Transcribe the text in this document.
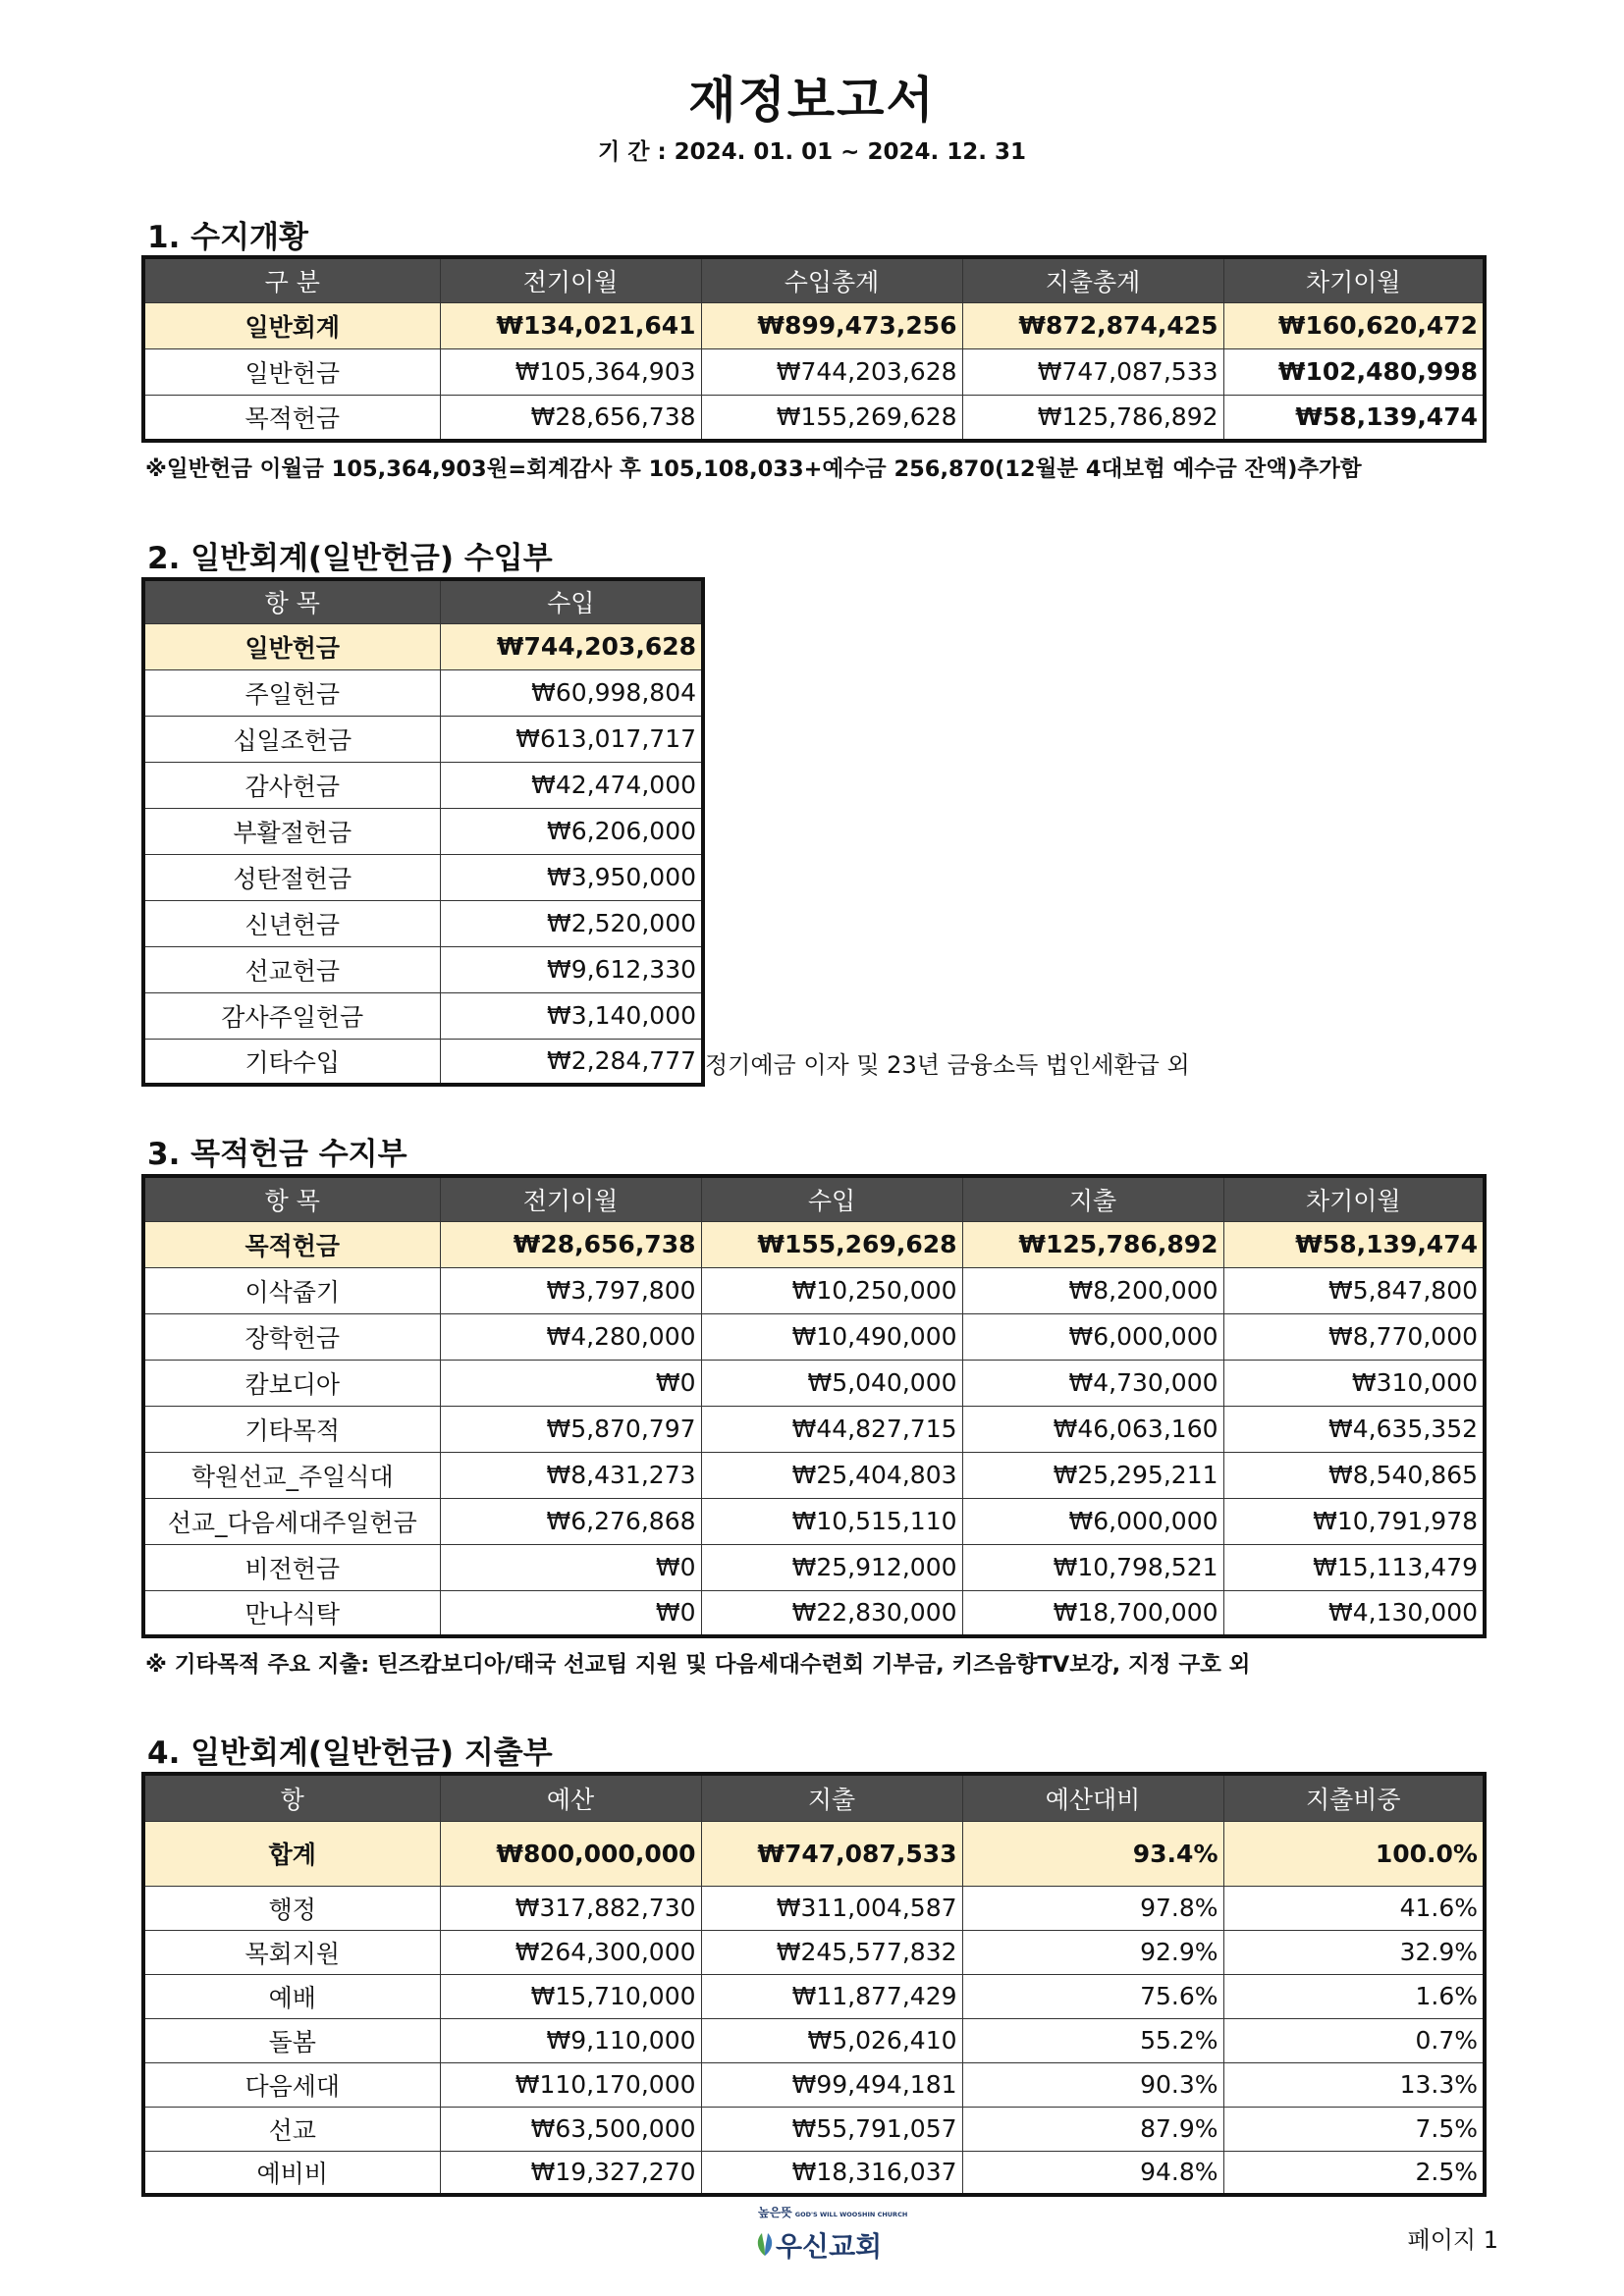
재정보고서
기 간 : 2024. 01. 01 ~ 2024. 12. 31
1. 수지개황
구 분	전기이월	수입총계	지출총계	차기이월
일반회계	₩134,021,641	₩899,473,256	₩872,874,425	₩160,620,472
일반헌금	₩105,364,903	₩744,203,628	₩747,087,533	₩102,480,998
목적헌금	₩28,656,738	₩155,269,628	₩125,786,892	₩58,139,474
※일반헌금 이월금 105,364,903원=회계감사 후 105,108,033+예수금 256,870(12월분 4대보험 예수금 잔액)추가함
2. 일반회계(일반헌금) 수입부
항 목	수입
일반헌금	₩744,203,628
주일헌금	₩60,998,804
십일조헌금	₩613,017,717
감사헌금	₩42,474,000
부활절헌금	₩6,206,000
성탄절헌금	₩3,950,000
신년헌금	₩2,520,000
선교헌금	₩9,612,330
감사주일헌금	₩3,140,000
기타수입	₩2,284,777 정기예금 이자 및 23년 금융소득 법인세환급 외
3. 목적헌금 수지부
항 목	전기이월	수입	지출	차기이월
목적헌금	₩28,656,738	₩155,269,628	₩125,786,892	₩58,139,474
이삭줍기	₩3,797,800	₩10,250,000	₩8,200,000	₩5,847,800
장학헌금	₩4,280,000	₩10,490,000	₩6,000,000	₩8,770,000
캄보디아	₩0	₩5,040,000	₩4,730,000	₩310,000
기타목적	₩5,870,797	₩44,827,715	₩46,063,160	₩4,635,352
학원선교_주일식대	₩8,431,273	₩25,404,803	₩25,295,211	₩8,540,865
선교_다음세대주일헌금	₩6,276,868	₩10,515,110	₩6,000,000	₩10,791,978
비전헌금	₩0	₩25,912,000	₩10,798,521	₩15,113,479
만나식탁	₩0	₩22,830,000	₩18,700,000	₩4,130,000
※ 기타목적 주요 지출: 틴즈캄보디아/태국 선교팀 지원 및 다음세대수련회 기부금, 키즈음향TV보강, 지정 구호 외
4. 일반회계(일반헌금) 지출부
항	예산	지출	예산대비	지출비중
합계	₩800,000,000	₩747,087,533	93.4%	100.0%
행정	₩317,882,730	₩311,004,587	97.8%	41.6%
목회지원	₩264,300,000	₩245,577,832	92.9%	32.9%
예배	₩15,710,000	₩11,877,429	75.6%	1.6%
돌봄	₩9,110,000	₩5,026,410	55.2%	0.7%
다음세대	₩110,170,000	₩99,494,181	90.3%	13.3%
선교	₩63,500,000	₩55,791,057	87.9%	7.5%
예비비	₩19,327,270	₩18,316,037	94.8%	2.5%
높은뜻 GOD'S WILL WOOSHIN CHURCH
우신교회	페이지 1
